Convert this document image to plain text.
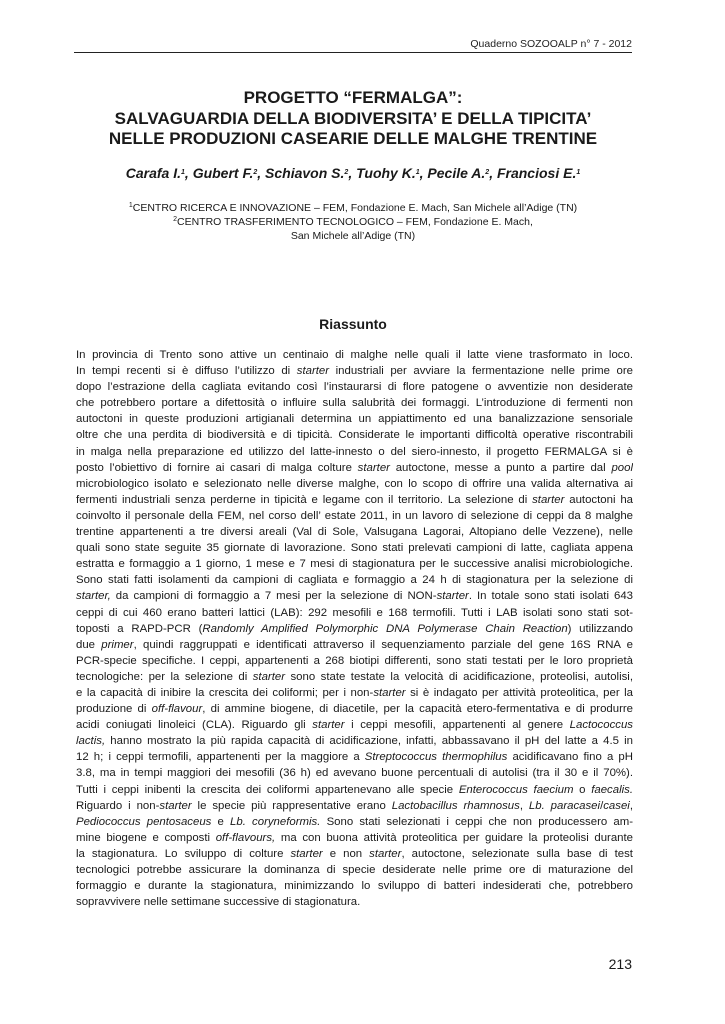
Quaderno SOZOOALP n° 7 - 2012
PROGETTO “FERMALGA”:
SALVAGUARDIA DELLA BIODIVERSITA’ E DELLA TIPICITA’
NELLE PRODUZIONI CASEARIE DELLE MALGHE TRENTINE
Carafa I.$^1$, Gubert F.$^2$, Schiavon S.$^2$, Tuohy K.$^1$, Pecile A.$^2$, Franciosi E.$^1$
$^1$CENTRO RICERCA E INNOVAZIONE – FEM, Fondazione E. Mach, San Michele all’Adige (TN)
$^2$CENTRO TRASFERIMENTO TECNOLOGICO – FEM, Fondazione E. Mach,
San Michele all’Adige (TN)
Riassunto
In provincia di Trento sono attive un centinaio di malghe nelle quali il latte viene trasformato in loco.
In tempi recenti si è diffuso l’utilizzo di starter industriali per avviare la fermentazione nelle prime ore
dopo l’estrazione della cagliata evitando così l’instaurarsi di flore patogene o avventizie non desiderate
che potrebbero portare a difettosità o influire sulla salubrità dei formaggi. L’introduzione di fermenti non
autoctoni in queste produzioni artigianali determina un appiattimento ed una banalizzazione sensoriale
oltre che una perdita di biodiversità e di tipicità. Considerate le importanti difficoltà operative riscontrabili
in malga nella preparazione ed utilizzo del latte-innesto o del siero-innesto, il progetto FERMALGA si è
posto l’obiettivo di fornire ai casari di malga colture starter autoctone, messe a punto a partire dal pool
microbiologico isolato e selezionato nelle diverse malghe, con lo scopo di offrire una valida alternativa ai
fermenti industriali senza perderne in tipicità e legame con il territorio. La selezione di starter autoctoni ha
coinvolto il personale della FEM, nel corso dell’ estate 2011, in un lavoro di selezione di ceppi da 8 malghe
trentine appartenenti a tre diversi areali (Val di Sole, Valsugana Lagorai, Altopiano delle Vezzene), nelle
quali sono state seguite 35 giornate di lavorazione. Sono stati prelevati campioni di latte, cagliata appena
estratta e formaggio a 1 giorno, 1 mese e 7 mesi di stagionatura per le successive analisi microbiologiche.
Sono stati fatti isolamenti da campioni di cagliata e formaggio a 24 h di stagionatura per la selezione di
starter, da campioni di formaggio a 7 mesi per la selezione di NON-starter. In totale sono stati isolati 643
ceppi di cui 460 erano batteri lattici (LAB): 292 mesofili e 168 termofili. Tutti i LAB isolati sono stati sot-
toposti a RAPD-PCR (Randomly Amplified Polymorphic DNA Polymerase Chain Reaction) utilizzando
due primer, quindi raggruppati e identificati attraverso il sequenziamento parziale del gene 16S RNA e
PCR-specie specifiche. I ceppi, appartenenti a 268 biotipi differenti, sono stati testati per le loro proprietà
tecnologiche: per la selezione di starter sono state testate la velocità di acidificazione, proteolisi, autolisi,
e la capacità di inibire la crescita dei coliformi; per i non-starter si è indagato per attività proteolitica, per la
produzione di off-flavour, di ammine biogene, di diacetile, per la capacità etero-fermentativa e di produrre
acidi coniugati linoleici (CLA). Riguardo gli starter i ceppi mesofili, appartenenti al genere Lactococcus
lactis, hanno mostrato la più rapida capacità di acidificazione, infatti, abbassavano il pH del latte a 4.5 in
12 h; i ceppi termofili, appartenenti per la maggiore a Streptococcus thermophilus acidificavano fino a pH
3.8, ma in tempi maggiori dei mesofili (36 h) ed avevano buone percentuali di autolisi (tra il 30 e il 70%).
Tutti i ceppi inibenti la crescita dei coliformi appartenevano alle specie Enterococcus faecium o faecalis.
Riguardo i non-starter le specie più rappresentative erano Lactobacillus rhamnosus, Lb. paracasei/casei,
Pediococcus pentosaceus e Lb. coryneformis. Sono stati selezionati i ceppi che non producessero am-
mine biogene e composti off-flavours, ma con buona attività proteolitica per guidare la proteolisi durante
la stagionatura. Lo sviluppo di colture starter e non starter, autoctone, selezionate sulla base di test
tecnologici potrebbe assicurare la dominanza di specie desiderate nelle prime ore di maturazione del
formaggio e durante la stagionatura, minimizzando lo sviluppo di batteri indesiderati che, potrebbero
sopravvivere nelle settimane successive di stagionatura.
213
